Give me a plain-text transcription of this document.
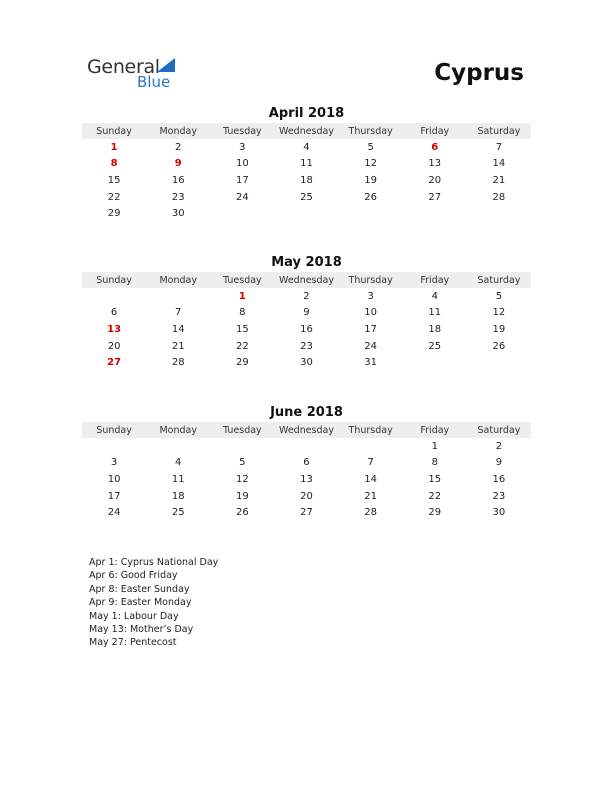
General
Blue	Cyprus
April 2018
Sunday	Monday	Tuesday	Wednesday	Thursday	Friday	Saturday
1	2	3	4	5	6	7
8	9	10	11	12	13	14
15	16	17	18	19	20	21
22	23	24	25	26	27	28
29	30					
May 2018
Sunday	Monday	Tuesday	Wednesday	Thursday	Friday	Saturday
		1	2	3	4	5
6	7	8	9	10	11	12
13	14	15	16	17	18	19
20	21	22	23	24	25	26
27	28	29	30	31		
June 2018
Sunday	Monday	Tuesday	Wednesday	Thursday	Friday	Saturday
					1	2
3	4	5	6	7	8	9
10	11	12	13	14	15	16
17	18	19	20	21	22	23
24	25	26	27	28	29	30
Apr 1: Cyprus National Day
Apr 6: Good Friday
Apr 8: Easter Sunday
Apr 9: Easter Monday
May 1: Labour Day
May 13: Mother’s Day
May 27: Pentecost
